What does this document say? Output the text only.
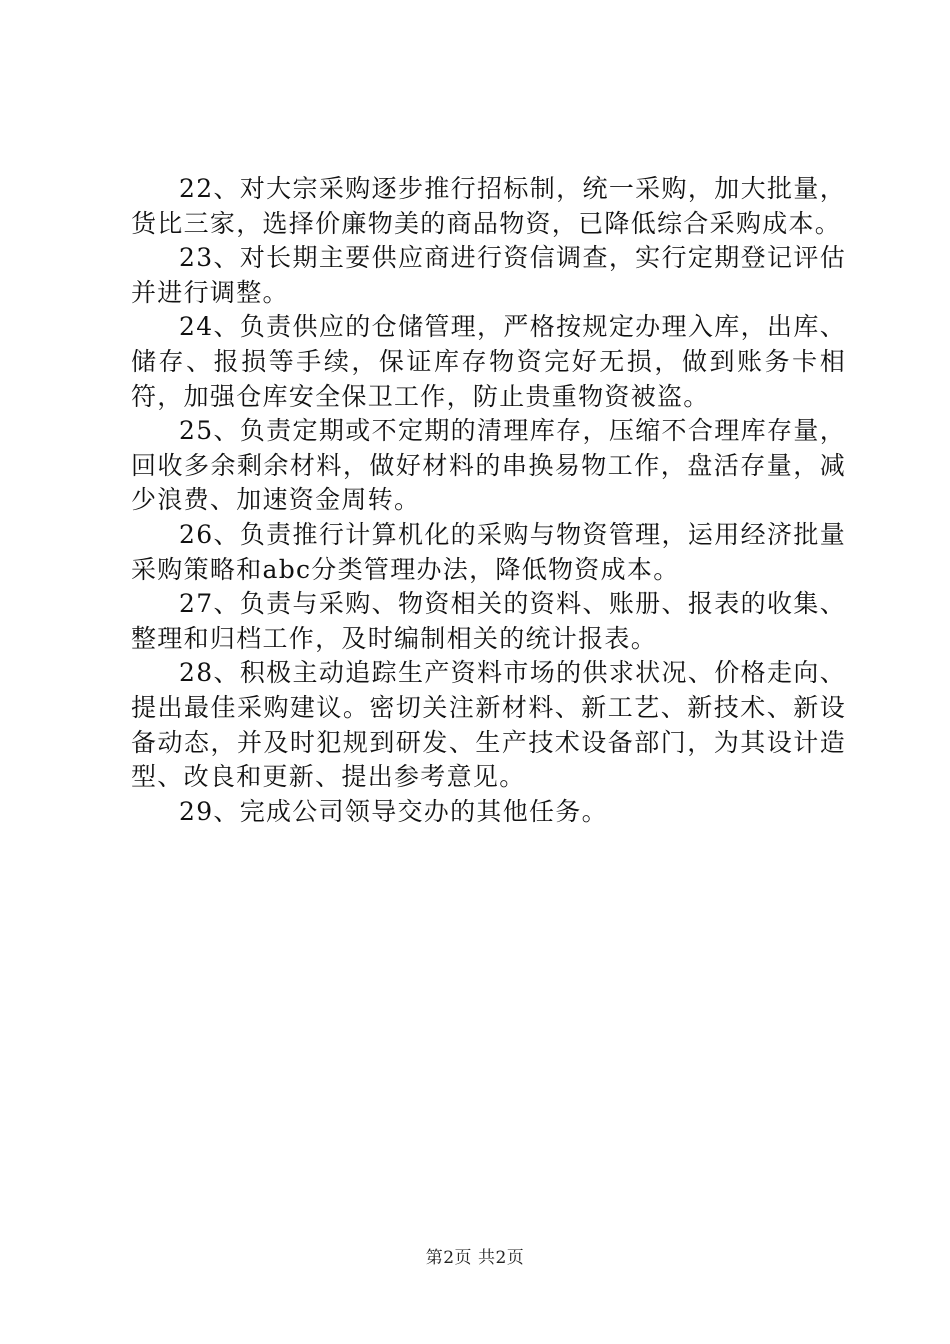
22、对大宗采购逐步推行招标制，统一采购，加大批量，货比三家，选择价廉物美的商品物资，已降低综合采购成本。

23、对长期主要供应商进行资信调查，实行定期登记评估并进行调整。

24、负责供应的仓储管理，严格按规定办理入库，出库、储存、报损等手续，保证库存物资完好无损，做到账务卡相符，加强仓库安全保卫工作，防止贵重物资被盗。

25、负责定期或不定期的清理库存，压缩不合理库存量，回收多余剩余材料，做好材料的串换易物工作，盘活存量，减少浪费、加速资金周转。

26、负责推行计算机化的采购与物资管理，运用经济批量采购策略和abc分类管理办法，降低物资成本。

27、负责与采购、物资相关的资料、账册、报表的收集、整理和归档工作，及时编制相关的统计报表。

28、积极主动追踪生产资料市场的供求状况、价格走向、提出最佳采购建议。密切关注新材料、新工艺、新技术、新设备动态，并及时犯规到研发、生产技术设备部门，为其设计造型、改良和更新、提出参考意见。

29、完成公司领导交办的其他任务。

第2页 共2页
